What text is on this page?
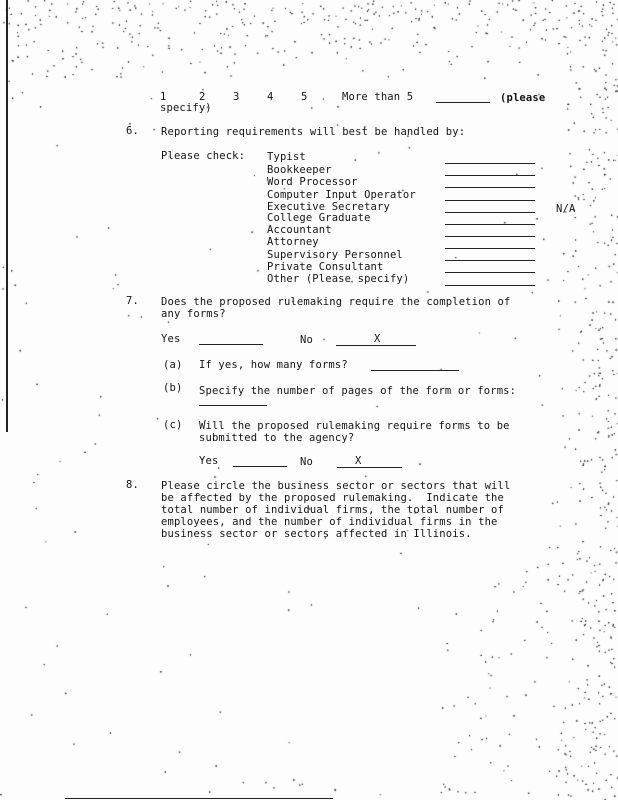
1	2	3	4	5	More than 5	(please
specify)
6. Reporting requirements will best be handled by:
Please check: Typist
Bookkeeper
Word Processor
Computer Input Operator
Executive Secretary	N/A
College Graduate
Accountant
Attorney
Supervisory Personnel
Private Consultant
Other (Please specify)
7. Does the proposed rulemaking require the completion of
any forms?
Yes	No	X
(a) If yes, how many forms?
(b) Specify the number of pages of the form or forms:
(c) Will the proposed rulemaking require forms to be
submitted to the agency?
Yes	No	X
8. Please circle the business sector or sectors that will
be affected by the proposed rulemaking.  Indicate the
total number of individual firms, the total number of
employees, and the number of individual firms in the
business sector or sectors affected in Illinois.
